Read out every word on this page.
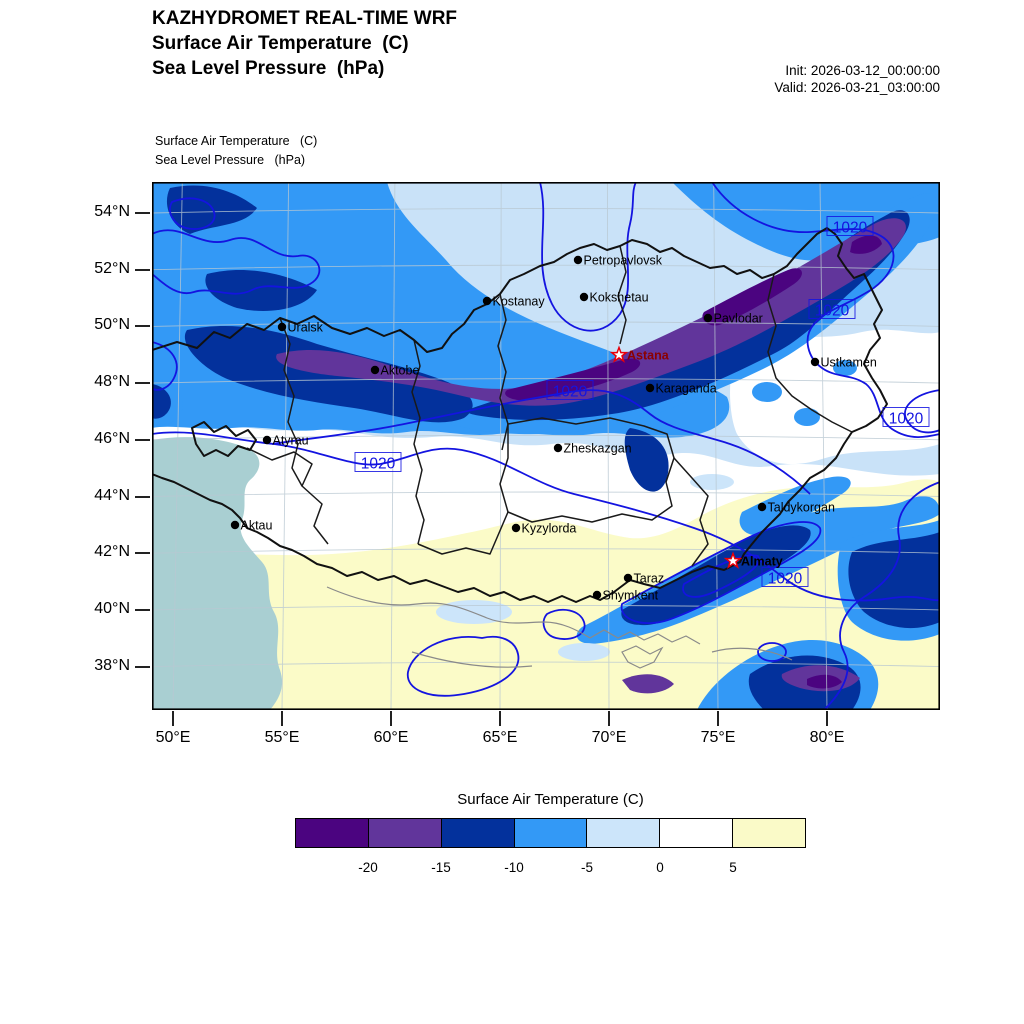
KAZHYDROMET REAL-TIME WRF
Surface Air Temperature  (C)
Sea Level Pressure  (hPa)	Init: 2026-03-12_00:00:00
Valid: 2026-03-21_03:00:00
Surface Air Temperature   (C)
Sea Level Pressure   (hPa)
54°N
52°N
50°N
48°N
46°N
44°N
42°N
40°N
38°N
50°E	55°E	60°E	65°E	70°E	75°E	80°E
1020
1020
1020
1020
1020
1020
Petropavlovsk
Kostanay	Kokshetau
Pavlodar
Uralsk
Aktobe
Astana
Karaganda
Ustkamen
Atyrau
Zheskazgan
Taldykorgan
Aktau	Kyzylorda
Almaty
Taraz
Shymkent
Surface Air Temperature (C)
-20	-15	-10	-5	0	5
